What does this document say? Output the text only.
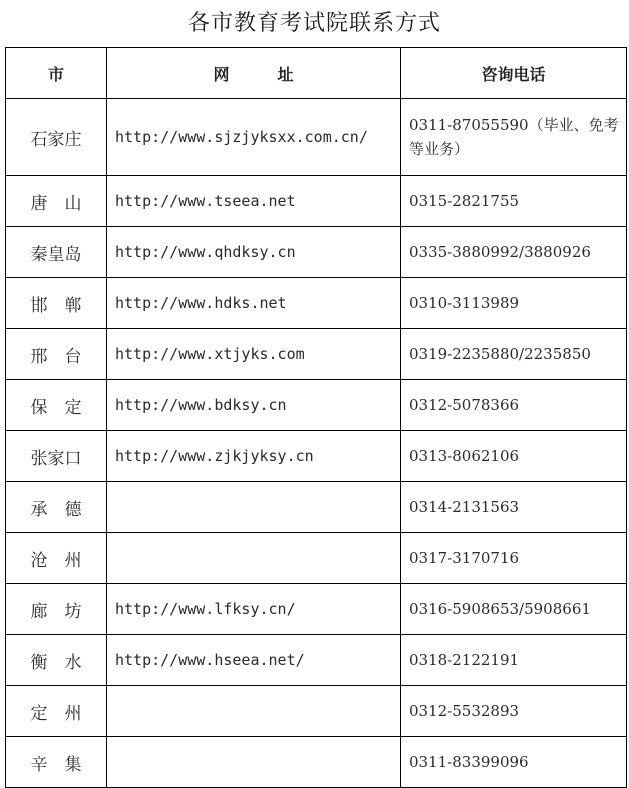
各市教育考试院联系方式
市	网　　　址	咨询电话
石家庄	http://www.sjzjyksxx.com.cn/	0311-87055590（毕业、免考等业务）
唐　山	http://www.tseea.net	0315-2821755
秦皇岛	http://www.qhdksy.cn	0335-3880992/3880926
邯　郸	http://www.hdks.net	0310-3113989
邢　台	http://www.xtjyks.com	0319-2235880/2235850
保　定	http://www.bdksy.cn	0312-5078366
张家口	http://www.zjkjyksy.cn	0313-8062106
承　德		0314-2131563
沧　州		0317-3170716
廊　坊	http://www.lfksy.cn/	0316-5908653/5908661
衡　水	http://www.hseea.net/	0318-2122191
定　州		0312-5532893
辛　集		0311-83399096
